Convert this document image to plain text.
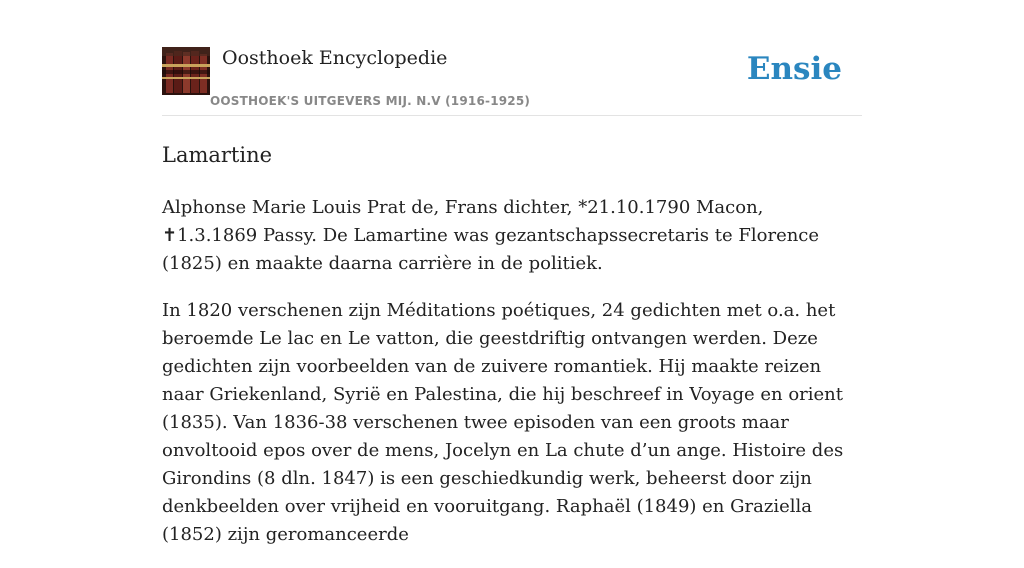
Oosthoek Encyclopedie
OOSTHOEK'S UITGEVERS MIJ. N.V (1916-1925)
Ensie
Lamartine

Alphonse Marie Louis Prat de, Frans dichter, *21.10.1790 Macon, ✝1.3.1869 Passy. De Lamartine was gezantschapssecretaris te Florence (1825) en maakte daarna carrière in de politiek.

In 1820 verschenen zijn Méditations poétiques, 24 gedichten met o.a. het beroemde Le lac en Le vatton, die geestdriftig ontvangen werden. Deze gedichten zijn voorbeelden van de zuivere romantiek. Hij maakte reizen naar Griekenland, Syrië en Palestina, die hij beschreef in Voyage en orient (1835). Van 1836-38 verschenen twee episoden van een groots maar onvoltooid epos over de mens, Jocelyn en La chute d’un ange. Histoire des Girondins (8 dln. 1847) is een geschiedkundig werk, beheerst door zijn denkbeelden over vrijheid en vooruitgang. Raphaël (1849) en Graziella (1852) zijn geromanceerde
